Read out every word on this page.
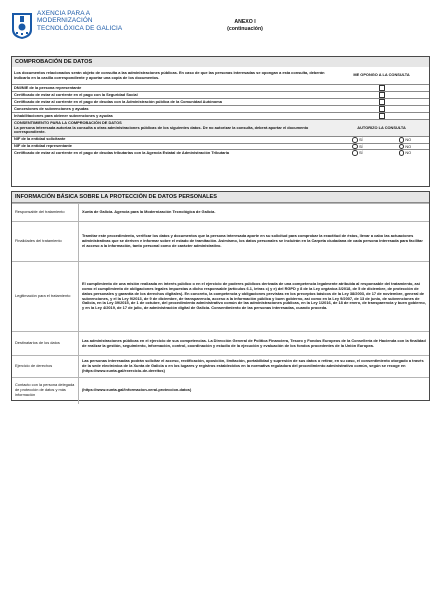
AXENCIA PARA A
MODERNIZACIÓN
TECNOLÓXICA DE GALICIA
ANEXO I
(continuación)
COMPROBACIÓN DE DATOS
Los documentos relacionados serán objeto de consulta a las administraciones públicas. En caso de que las personas interesadas se opongan a esta consulta, deberán indicarlo en la casilla correspondiente y aportar una copia de los documentos.	ME OPONGO A LA CONSULTA	
DNI/NIE de la persona representante		
Certificado de estar al corriente en el pago con la Seguridad Social		
Certificado de estar al corriente en el pago de deudas con la Administración pública de la Comunidad Autónoma		
Concesiones de subvenciones y ayudas		
Inhabilitaciones para obtener subvenciones y ayudas		

CONSENTIMIENTO PARA LA COMPROBACIÓN DE DATOS
La persona interesada autoriza la consulta a otras administraciones públicas de los siguientes datos. De no autorizar la consulta, deberá aportar el documento correspondiente.	AUTORIZO LA CONSULTA	
NIF de la entidad solicitante	SÍ	NO
NIF de la entidad representante	SÍ	NO
Certificado de estar al corriente en el pago de deudas tributarias con la Agencia Estatal de Administración Tributaria	SÍ	NO
INFORMACIÓN BÁSICA SOBRE LA PROTECCIÓN DE DATOS PERSONALES
Responsable del tratamiento	Xunta de Galicia. Agencia para la Modernización Tecnológica de Galicia.
Finalidades del tratamiento	Tramitar este procedimiento, verificar los datos y documentos que la persona interesada aporte en su solicitud para comprobar la exactitud de éstos, llevar a cabo las actuaciones administrativas que se deriven e informar sobre el estado de tramitación. Asimismo, los datos personales se incluirán en la Carpeta ciudadana de cada persona interesada para facilitar el acceso a la información, tanto personal como de carácter administrativo.
Legitimación para el tratamiento	El cumplimiento de una misión realizada en interés público o en el ejercicio de poderes públicos derivada de una competencia legalmente atribuida al responsable del tratamiento, así como el cumplimiento de obligaciones legales impuestas a dicho responsable (artículos 6.1, letras c) y e) del RGPD y 8 de la Ley orgánica 3/2018, de 5 de diciembre, de protección de datos personales y garantía de los derechos digitales). En concreto, la competencia y obligaciones previstas en los preceptos básicos de la Ley 38/2003, de 17 de noviembre, general de subvenciones, y el la Ley 9/2013, de 9 de diciembre, de transparencia, acceso a la información pública y buen gobierno, así como en la Ley 9/2007, de 13 de junio, de subvenciones de Galicia, en la Ley 39/2015, de 1 de octubre, del procedimiento administrativo común de las administraciones públicas, en la Ley 1/2016, de 18 de enero, de transparencia y buen gobierno, y en la Ley 4/2019, de 17 de julio, de administración digital de Galicia. Consentimiento de las personas interesadas, cuando proceda.
Destinatarios de los datos	Las administraciones públicas en el ejercicio de sus competencias. La Dirección General de Política Financiera, Tesoro y Fondos Europeos de la Consellería de Hacienda con la finalidad de realizar la gestión, seguimiento, información, control, coordinación y estudio de la ejecución y evaluación de los fondos procedentes de la Unión Europea.
Ejercicio de derechos	Las personas interesadas podrán solicitar el acceso, rectificación, oposición, limitación, portabilidad y supresión de sus datos o retirar, en su caso, el consentimiento otorgado a través de la sede electrónica de la Xunta de Galicia o en los lugares y registros establecidos en la normativa reguladora del procedimiento administrativo común, según se recoge en (https://www.xunta.gal/exercicio-de-dereitos)
Contacto con la persona delegada de protección de datos y más información	(https://www.xunta.gal/informacion-xeral-proteccion-datos)
